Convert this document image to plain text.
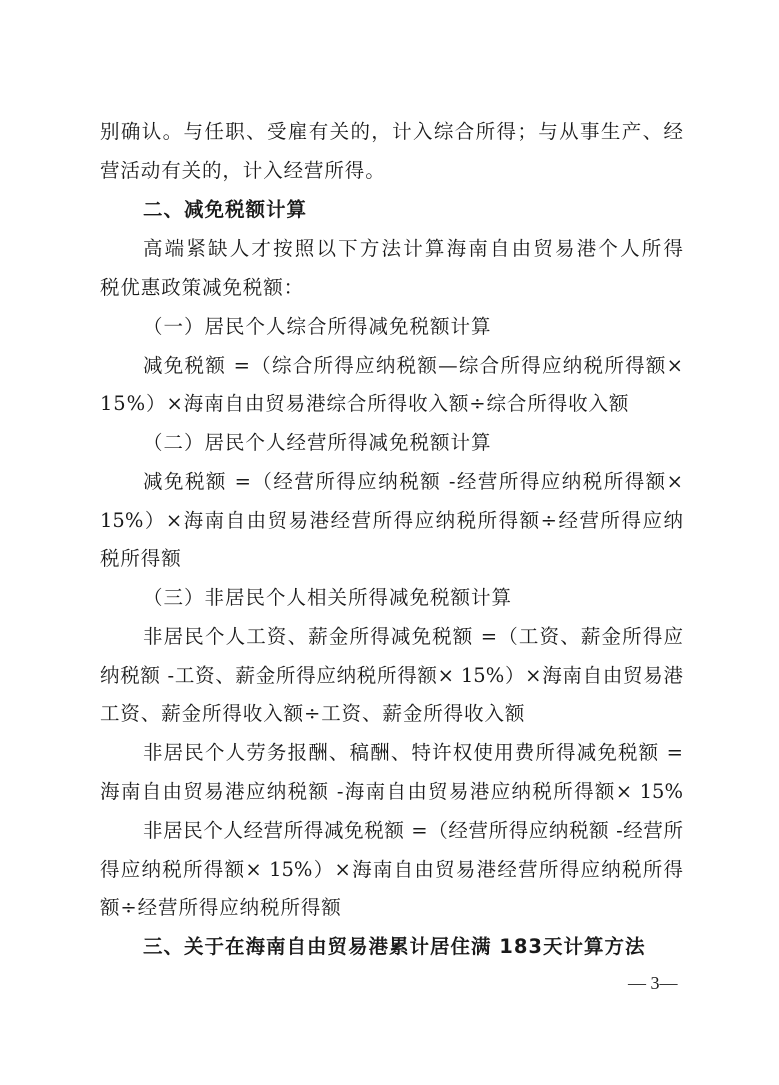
别确认。与任职、受雇有关的，计入综合所得；与从事生产、经
营活动有关的，计入经营所得。
二、减免税额计算
高端紧缺人才按照以下方法计算海南自由贸易港个人所得
税优惠政策减免税额：
（一）居民个人综合所得减免税额计算
减免税额 =（综合所得应纳税额—综合所得应纳税所得额×
15%）×海南自由贸易港综合所得收入额÷综合所得收入额
（二）居民个人经营所得减免税额计算
减免税额 =（经营所得应纳税额 -经营所得应纳税所得额×
15%）×海南自由贸易港经营所得应纳税所得额÷经营所得应纳
税所得额
（三）非居民个人相关所得减免税额计算
非居民个人工资、薪金所得减免税额 =（工资、薪金所得应
纳税额 -工资、薪金所得应纳税所得额× 15%）×海南自由贸易港
工资、薪金所得收入额÷工资、薪金所得收入额
非居民个人劳务报酬、稿酬、特许权使用费所得减免税额 =
海南自由贸易港应纳税额 -海南自由贸易港应纳税所得额× 15%
非居民个人经营所得减免税额 =（经营所得应纳税额 -经营所
得应纳税所得额× 15%）×海南自由贸易港经营所得应纳税所得
额÷经营所得应纳税所得额
三、关于在海南自由贸易港累计居住满 183天计算方法
— 3—
